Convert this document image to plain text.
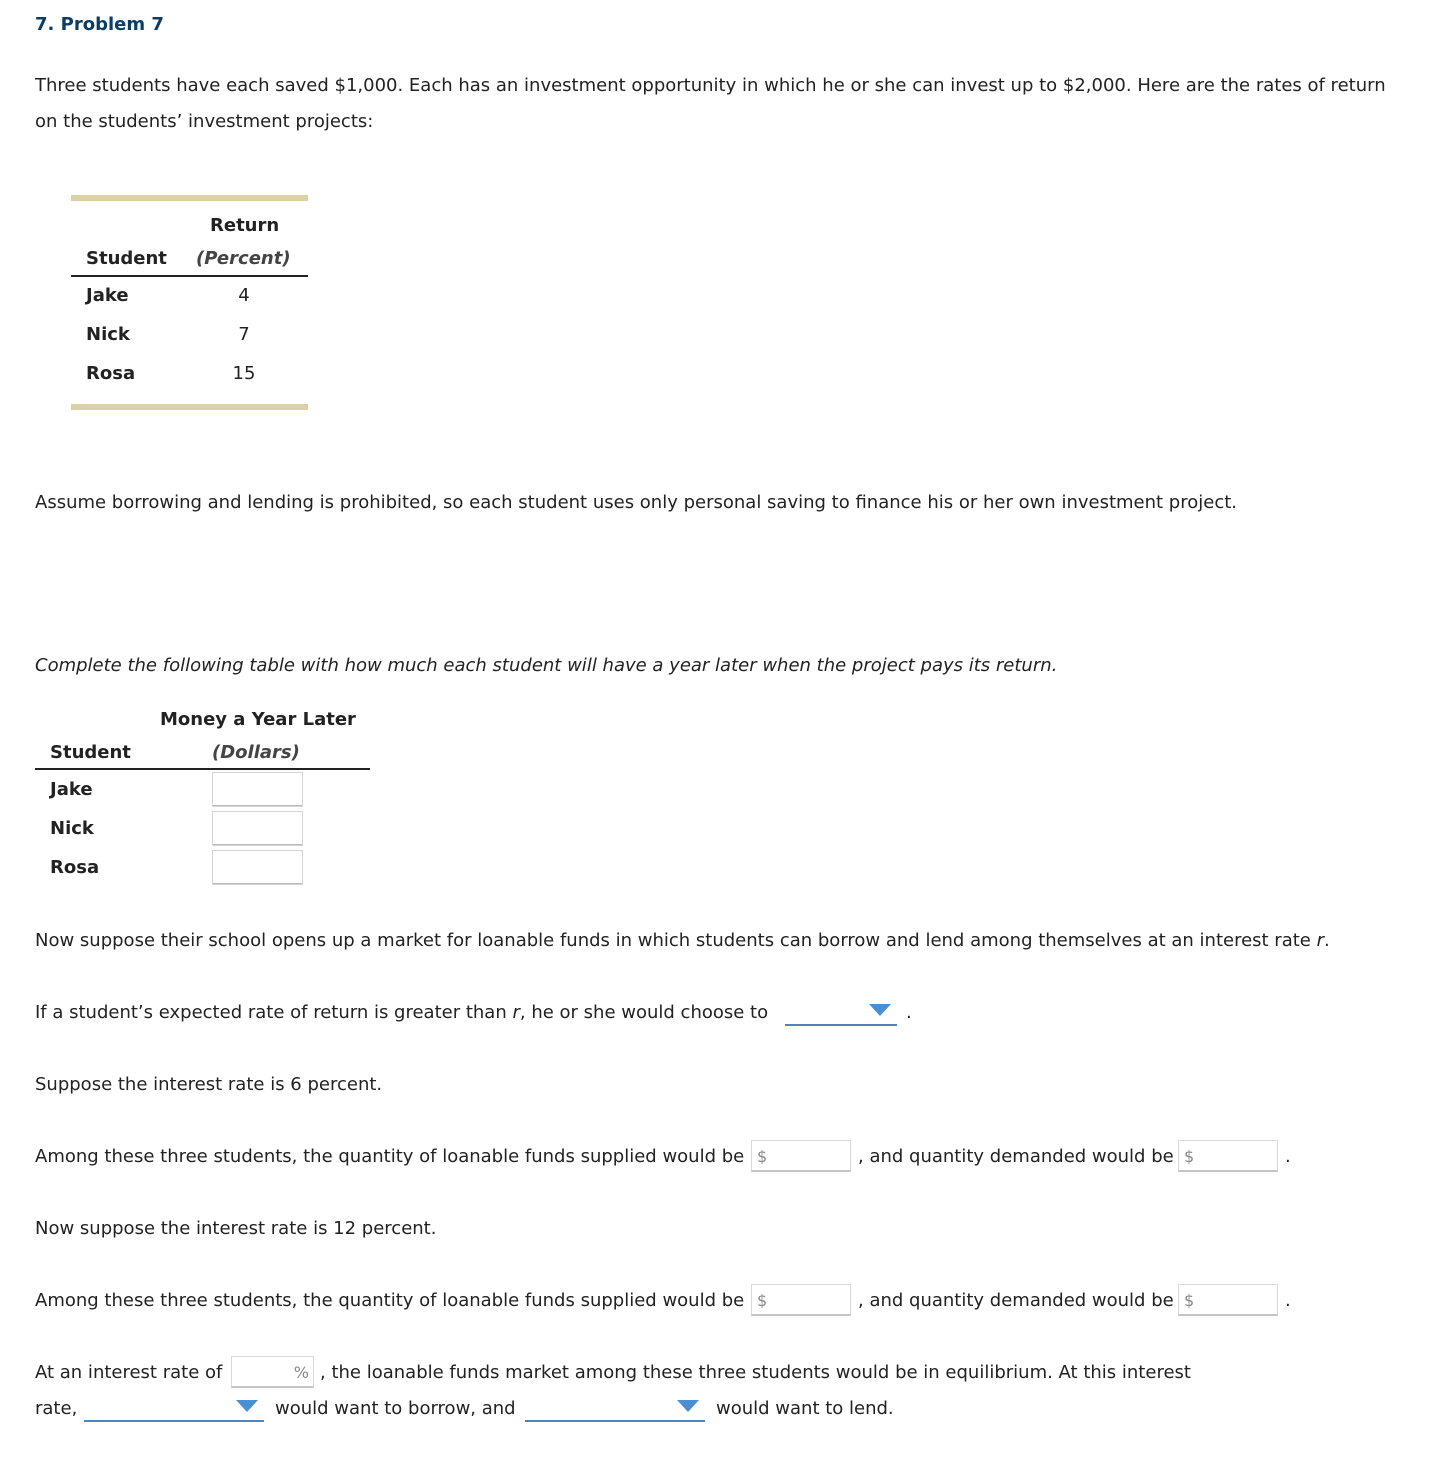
7. Problem 7
Three students have each saved $1,000. Each has an investment opportunity in which he or she can invest up to $2,000. Here are the rates of return
on the students’ investment projects:
Return
Student (Percent)
Jake	4
Nick	7
Rosa	15
Assume borrowing and lending is prohibited, so each student uses only personal saving to finance his or her own investment project.
Complete the following table with how much each student will have a year later when the project pays its return.
Money a Year Later
Student	(Dollars)
Jake
Nick
Rosa
Now suppose their school opens up a market for loanable funds in which students can borrow and lend among themselves at an interest rate r.
If a student’s expected rate of return is greater than r, he or she would choose to	.
Suppose the interest rate is 6 percent.
Among these three students, the quantity of loanable funds supplied would be $	, and quantity demanded would be $	.
Now suppose the interest rate is 12 percent.
Among these three students, the quantity of loanable funds supplied would be $	, and quantity demanded would be $	.
At an interest rate of	% , the loanable funds market among these three students would be in equilibrium. At this interest
rate,	would want to borrow, and	would want to lend.
